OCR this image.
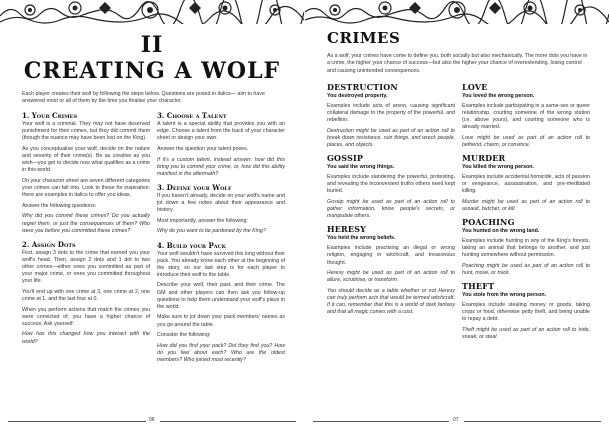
II
CREATING A WOLF
Each player creates their wolf by following the steps below. Questions are posed in italics— aim to have answered most or all of them by the time you finalise your character.
1. Your Crimes

Your wolf is a criminal. They may not have deserved punishment for their crimes, but they did commit them (though the nuance may have been lost on the King).

As you conceptualise your wolf, decide on the nature and severity of their crime(s). Be as creative as you wish—you get to decide now what qualifies as a crime in this world.

On your character sheet are seven different categories your crimes can fall into. Look to these for inspiration: there are examples in italics to offer you ideas.

Answer the following questions:

Why did you commit these crimes? Do you actually regret them, or just the consequences of them? Who were you before you committed these crimes?

2. Assign Dots

First, assign 3 dots to the crime that earned you your wolf's head. Then, assign 2 dots and 1 dot to two other crimes—either ones you committed as part of your major crime, or ones you committed throughout your life.

You'll end up with one crime at 3, one crime at 2, one crime at 1, and the last four at 0.

When you perform actions that match the crimes you were convicted of, you have a higher chance of success. Ask yourself:

How has this changed how you interact with the world?

3. Choose a Talent

A talent is a special ability that provides you with an edge. Choose a talent from the back of your character sheet or design your own.

Answer the question your talent poses.

If it's a custom talent, instead answer: how did this bring you to commit your crime, or, how did this ability manifest in the aftermath?

3. Define your Wolf

If you haven't already, decide on your wolf's name and jot down a few notes about their appearance and history.

Most importantly, answer the following:

Why do you want to be pardoned by the King?

4. Build your Pack

Your wolf wouldn't have survived this long without their pack. You already know each other at the beginning of the story, so our last step is for each player to introduce their wolf to the table.

Describe your wolf, their past, and their crime. The GM and other players can then ask you follow-up questions to help them understand your wolf's place in the world.

Make sure to jot down your pack members' names as you go around the table.

Consider the following:

How did you find your pack? Did they find you? How do you feel about each? Who are the oldest members? Who joined most recently?

06
CRIMES
As a wolf, your crimes have come to define you, both socially but also mechanically. The more dots you have in a crime, the higher your chance of success—but also the higher your chance of overextending, losing control and causing unintended consequences.
DESTRUCTION
You destroyed property.

Examples include acts of arson, causing significant collateral damage to the property of the powerful, and rebellion.

Destruction might be used as part of an action roll to break down resistance, ruin things, and wreck people, places, and objects.

GOSSIP
You said the wrong things.

Examples include slandering the powerful, protesting, and revealing the inconvenient truths others need kept buried.

Gossip might be used as part of an action roll to gather information, know people's secrets, or manipulate others.

HERESY
You held the wrong beliefs.

Examples include practising an illegal or wrong religion, engaging in witchcraft, and treasonous thought.

Heresy might be used as part of an action roll to allure, scrutinise, or transform.

You should decide as a table whether or not Heresy can truly perform acts that would be termed witchcraft. If it can, remember that this is a world of dark fantasy and that all magic comes with a cost.

LOVE
You loved the wrong person.

Examples include participating in a same-sex or queer relationship, courting someone of the wrong station (i.e. above yours), and courting someone who is already married.

Love might be used as part of an action roll to befriend, charm, or convince.

MURDER
You killed the wrong person.

Examples include accidental homicide, acts of passion or vengeance, assassination, and pre-meditated killing.

Murder might be used as part of an action roll to assault, butcher, or kill.

POACHING
You hunted on the wrong land.

Examples include hunting in any of the King's forests, taking an animal that belongs to another, and just hunting somewhere without permission.

Poaching might be used as part of an action roll to hunt, move, or track.

THEFT
You stole from the wrong person.

Examples include stealing money or goods, taking crops or food, otherwise petty theft, and being unable to repay a debt.

Theft might be used as part of an action roll to hide, sneak, or steal.

07
